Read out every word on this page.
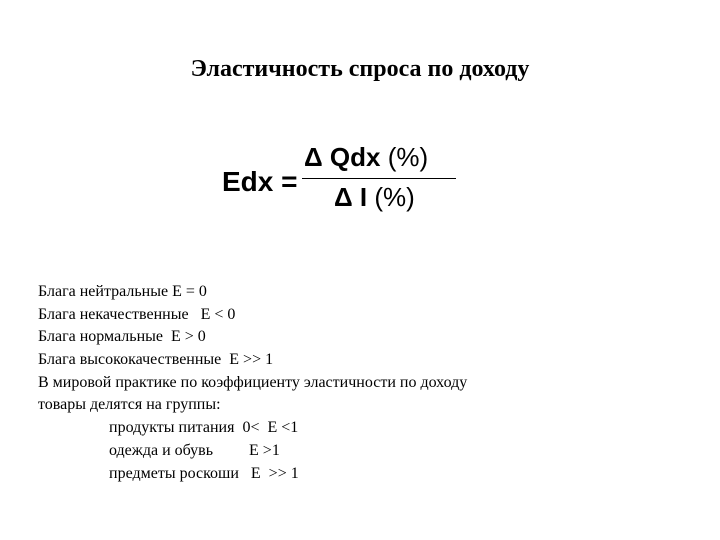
Эластичность спроса по доходу
Edx =
Δ Qdx (%)
Δ I (%)
Блага нейтральные E = 0
Блага некачественные   E < 0
Блага нормальные  E > 0
Блага высококачественные  E >> 1
В мировой практике по коэффициенту эластичности по доходу
товары делятся на группы:
продукты питания  0<  E <1
одежда и обувь         E >1
предметы роскоши   E  >> 1
